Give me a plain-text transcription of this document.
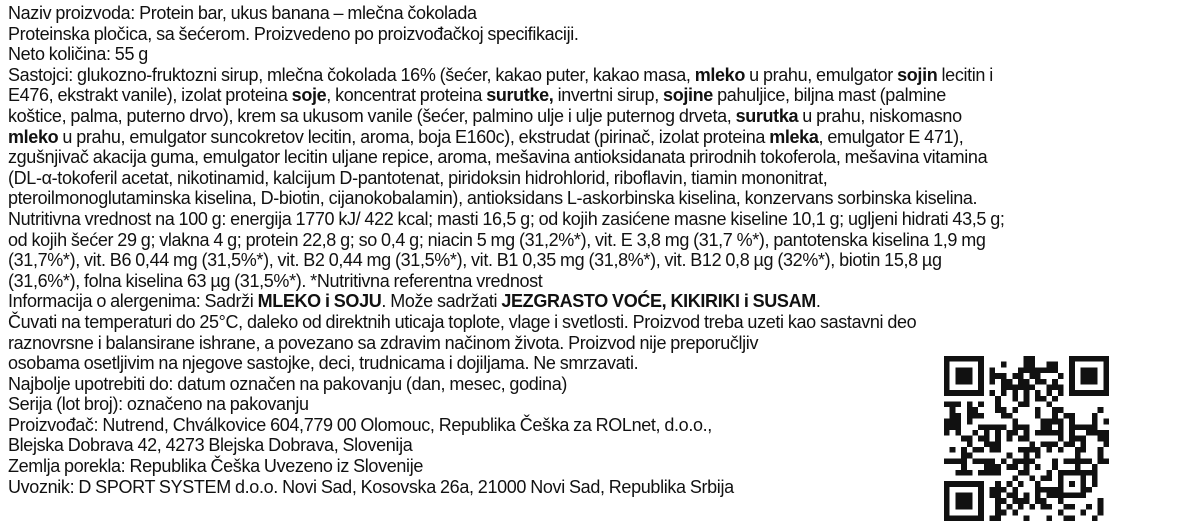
Naziv proizvoda: Protein bar, ukus banana – mlečna čokolada
Proteinska pločica, sa šećerom. Proizvedeno po proizvođačkoj specifikaciji.
Neto količina: 55 g
Sastojci: glukozno-fruktozni sirup, mlečna čokolada 16% (šećer, kakao puter, kakao masa, mleko u prahu, emulgator sojin lecitin i
E476, ekstrakt vanile), izolat proteina soje, koncentrat proteina surutke, invertni sirup, sojine pahuljice, biljna mast (palmine
koštice, palma, puterno drvo), krem sa ukusom vanile (šećer, palmino ulje i ulje puternog drveta, surutka u prahu, niskomasno
mleko u prahu, emulgator suncokretov lecitin, aroma, boja E160c), ekstrudat (pirinač, izolat proteina mleka, emulgator E 471),
zgušnjivač akacija guma, emulgator lecitin uljane repice, aroma, mešavina antioksidanata prirodnih tokoferola, mešavina vitamina
(DL-α-tokoferil acetat, nikotinamid, kalcijum D-pantotenat, piridoksin hidrohlorid, riboflavin, tiamin mononitrat,
pteroilmonoglutaminska kiselina, D-biotin, cijanokobalamin), antioksidans L-askorbinska kiselina, konzervans sorbinska kiselina.
Nutritivna vrednost na 100 g: energija 1770 kJ/ 422 kcal; masti 16,5 g; od kojih zasićene masne kiseline 10,1 g; ugljeni hidrati 43,5 g;
od kojih šećer 29 g; vlakna 4 g; protein 22,8 g; so 0,4 g; niacin 5 mg (31,2%*), vit. E 3,8 mg (31,7 %*), pantotenska kiselina 1,9 mg
(31,7%*), vit. B6 0,44 mg (31,5%*), vit. B2 0,44 mg (31,5%*), vit. B1 0,35 mg (31,8%*), vit. B12 0,8 µg (32%*), biotin 15,8 µg
(31,6%*), folna kiselina 63 µg (31,5%*). *Nutritivna referentna vrednost
Informacija o alergenima: Sadrži MLEKO i SOJU. Može sadržati JEZGRASTO VOĆE, KIKIRIKI i SUSAM.
Čuvati na temperaturi do 25°C, daleko od direktnih uticaja toplote, vlage i svetlosti. Proizvod treba uzeti kao sastavni deo
raznovrsne i balansirane ishrane, a povezano sa zdravim načinom života. Proizvod nije preporučljiv
osobama osetljivim na njegove sastojke, deci, trudnicama i dojiljama. Ne smrzavati.
Najbolje upotrebiti do: datum označen na pakovanju (dan, mesec, godina)
Serija (lot broj): označeno na pakovanju
Proizvođač: Nutrend, Chválkovice 604,779 00 Olomouc, Republika Češka za ROLnet, d.o.o.,
Blejska Dobrava 42, 4273 Blejska Dobrava, Slovenija
Zemlja porekla: Republika Češka Uvezeno iz Slovenije
Uvoznik: D SPORT SYSTEM d.o.o. Novi Sad, Kosovska 26a, 21000 Novi Sad, Republika Srbija
